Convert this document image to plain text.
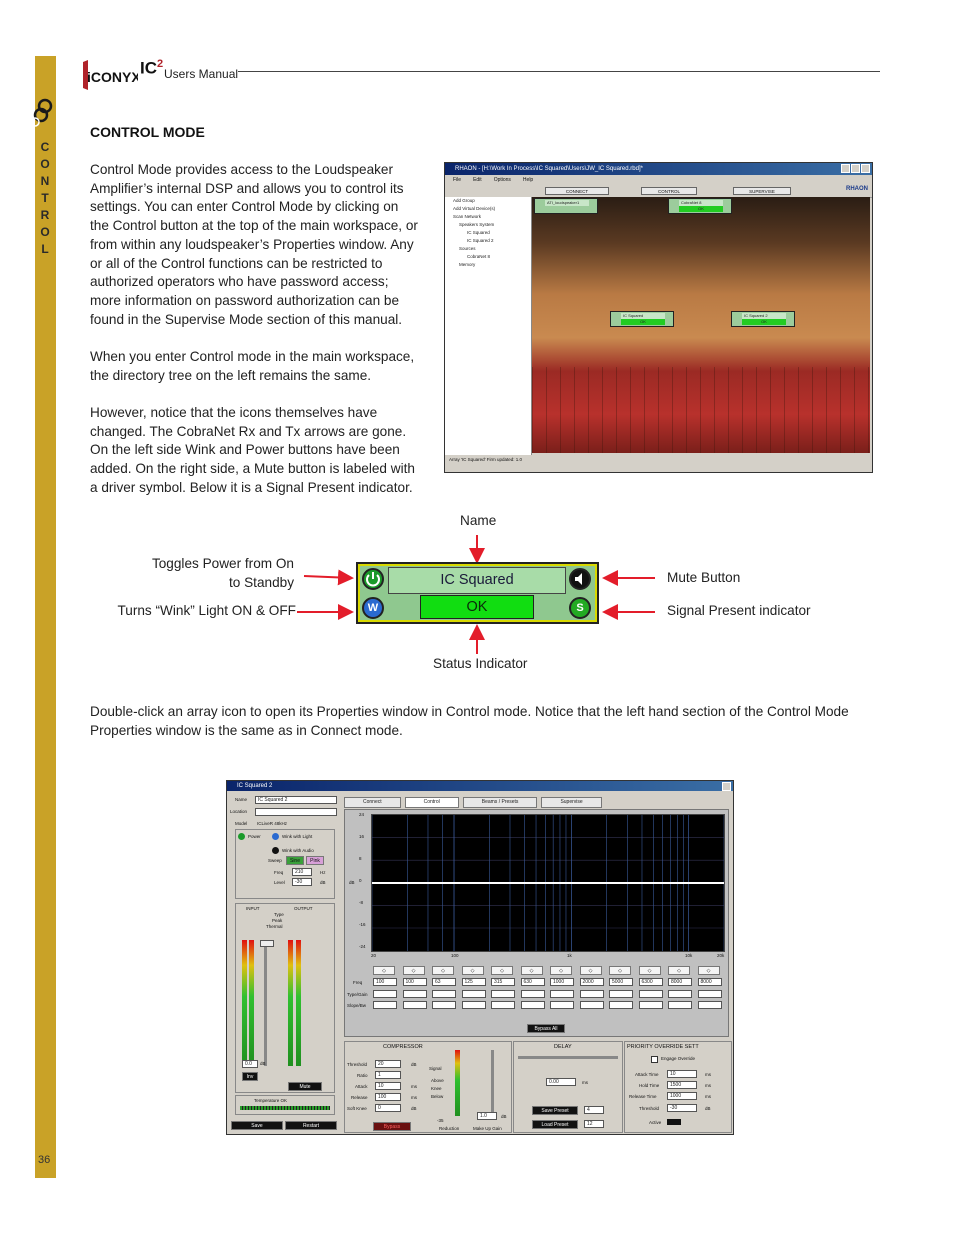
CONTROL
36
iCONYX $IC^2$
Users Manual
CONTROL MODE
Control Mode provides access to the Loudspeaker Amplifier’s internal DSP and allows you to control its settings. You can enter Control Mode by clicking on the Control button at the top of the main workspace, or from within any loudspeaker’s Properties window. Any or all of the Control functions can be restricted to authorized operators who have password access; more information on password authorization can be found in the Supervise Mode section of this manual.
When you enter Control mode in the main workspace, the directory tree on the left remains the same.
However, notice that the icons themselves have changed. The CobraNet Rx and Tx arrows are gone. On the left side Wink and Power buttons have been added. On the right side, a Mute button is labeled with a driver symbol. Below it is a Signal Present indicator.
Double-click an array icon to open its Properties window in Control mode. Notice that the left hand section of the Control Mode Properties window is the same as in Connect mode.
RHAON - [H:\Work In Process\IC Squared\Users\JW_IC Squared.rbd]*
File Edit Options Help
CONNECT	CONTROL	SUPERVISE	RHAON
Add Group
Add Virtual Device(s)
Scan Network
Speakers System
IC Squared
IC Squared 2
Sources
CobraNet 8
Memory
ATI_loudspeaker1	CobraNet 8
OK
IC Squared
OK
IC Squared 2
OK
Array 'IC Squared' Firm updated: 1.0
Name
Status Indicator
Toggles Power from On
to Standby
Turns “Wink” Light ON & OFF
Mute Button
Signal Present indicator
W
IC Squared
OK	S
IC Squared 2
Name	IC Squared 2
Location
Model ICLiveR 48kHz
Power	Wink with Light
Wink with Audio
Sweep	Sine	Pink
Freq	210	Hz
Level	-30	dB
INPUT	OUTPUT
Type
Peak
Thermal
0.0	dB
Inv
Mute
Temperature OK
Save	Restart
Connect	Control	Beams / Presets	Supervise
dB
24
16
8
0
-8
-16
-24
20	100	1k	10k	20k
◇
100
◇
100
◇
63
◇
125
◇
315
◇
630
◇
1000
◇
2000
◇
5000
◇
6300
◇
8000
◇
8000
Freq
Type/Gain
Slope/Bw
Bypass All
COMPRESSOR
Threshold	20	dB
Ratio	1
Attack	10	ms
Release	100	ms
Soft Knee	0	dB
Signal
Above
Knee
Below
-35
Reduction
1.0	dB
Make Up Gain
Bypass
DELAY
0.00	ms
Save Preset	4
Load Preset	12
PRIORITY OVERRIDE SETT
Engage Override
Attack Time	10	ms
Hold Time	1500	ms
Release Time	1000	ms
Threshold	-30	dB
Active
